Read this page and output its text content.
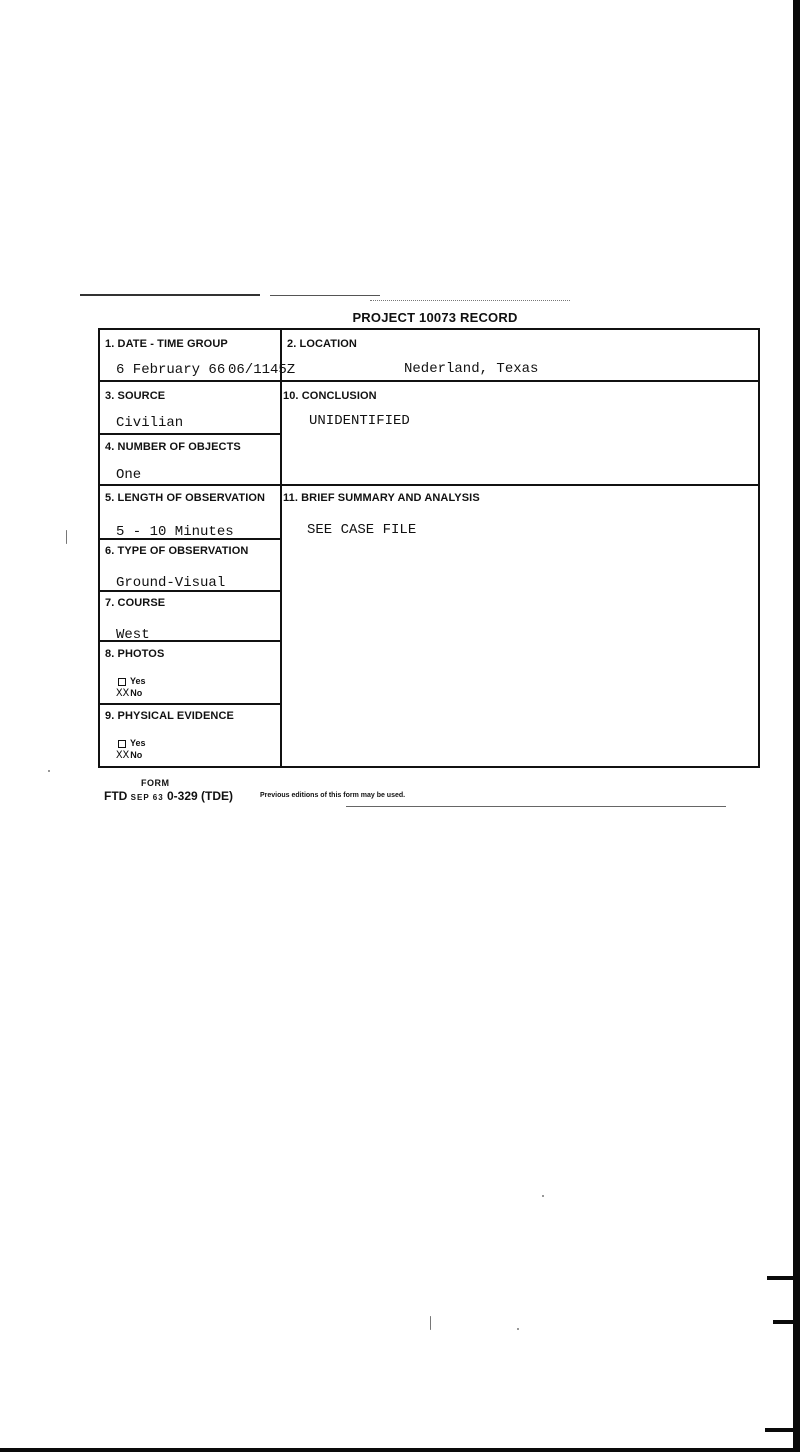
PROJECT 10073 RECORD
1. DATE - TIME GROUP
6 February 66 06/1145Z
2. LOCATION
Nederland, Texas
3. SOURCE
Civilian
10. CONCLUSION
UNIDENTIFIED
4. NUMBER OF OBJECTS
One
5. LENGTH OF OBSERVATION
5 - 10 Minutes
11. BRIEF SUMMARY AND ANALYSIS
SEE CASE FILE
6. TYPE OF OBSERVATION
Ground-Visual
7. COURSE
West
8. PHOTOS
Yes
XXNo
9. PHYSICAL EVIDENCE
Yes
XXNo
FORM
FTD SEP 63 0-329 (TDE)	Previous editions of this form may be used.
